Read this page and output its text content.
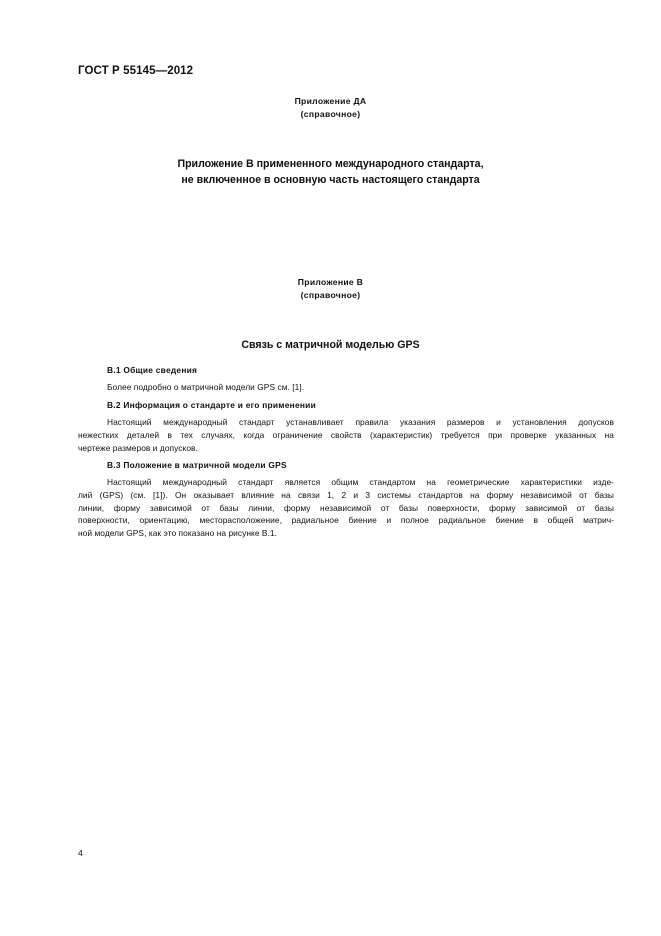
ГОСТ Р 55145—2012
Приложение ДА
(справочное)
Приложение B примененного международного стандарта,
не включенное в основную часть настоящего стандарта
Приложение В
(справочное)
Связь с матричной моделью GPS
В.1 Общие сведения
Более подробно о матричной модели GPS см. [1].
В.2 Информация о стандарте и его применении
Настоящий международный стандарт устанавливает правила указания размеров и установления допусков
нежестких деталей в тех случаях, когда ограничение свойств (характеристик) требуется при проверке указанных на
чертеже размеров и допусков.
В.3 Положение в матричной модели GPS
Настоящий международный стандарт является общим стандартом на геометрические характеристики изде-
лий (GPS) (см. [1]). Он оказывает влияние на связи 1, 2 и 3 системы стандартов на форму независимой от базы
линии, форму зависимой от базы линии, форму независимой от базы поверхности, форму зависимой от базы
поверхности, ориентацию, месторасположение, радиальное биение и полное радиальное биение в общей матрич-
ной модели GPS, как это показано на рисунке В.1.
4
